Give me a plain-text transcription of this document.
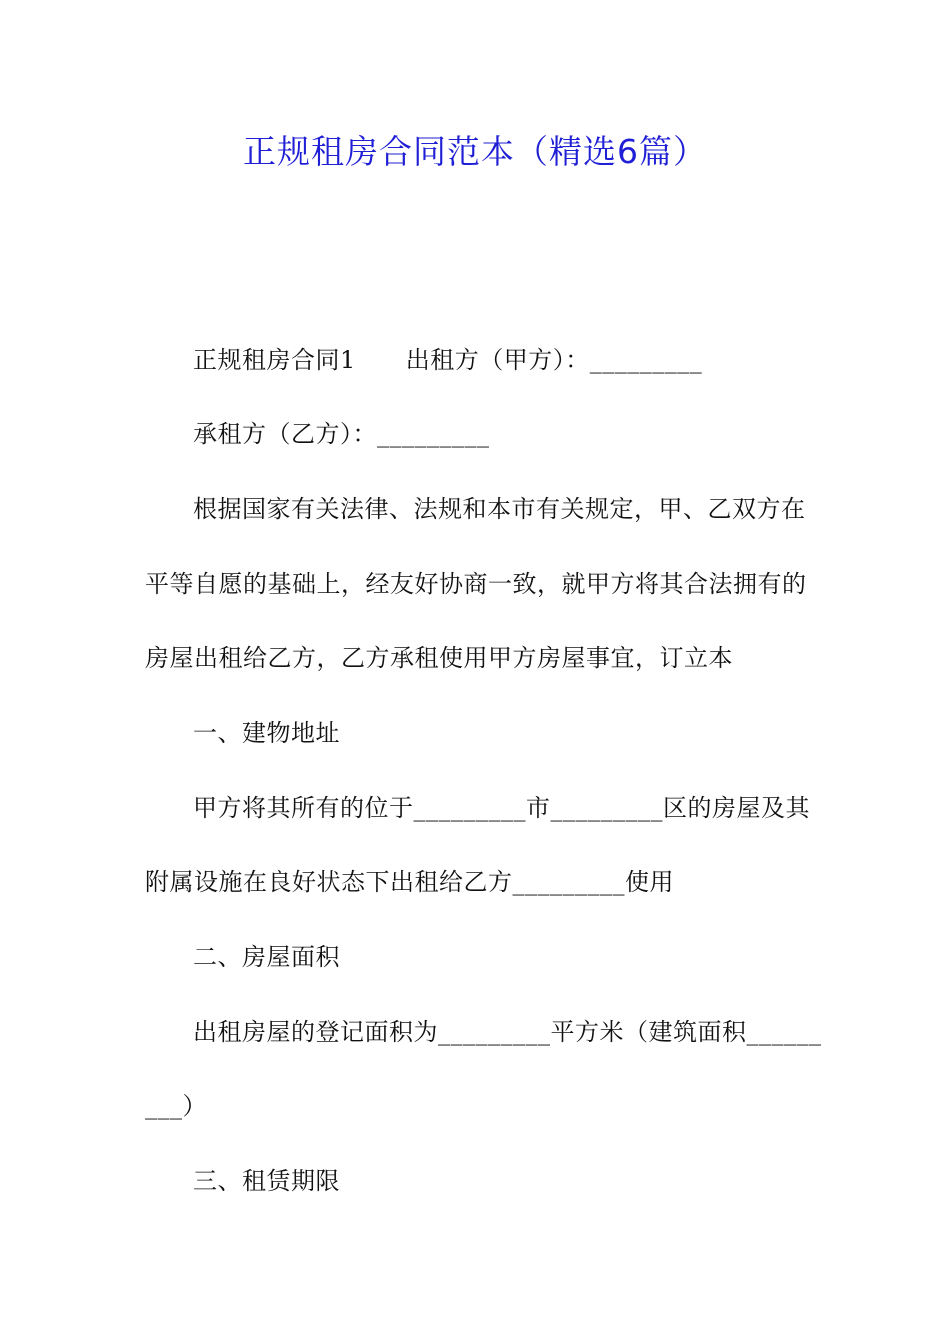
正规租房合同范本（精选6篇）
正规租房合同1 出租方（甲方）：_________
承租方（乙方）：_________
根据国家有关法律、法规和本市有关规定，甲、乙双方在
平等自愿的基础上，经友好协商一致，就甲方将其合法拥有的
房屋出租给乙方，乙方承租使用甲方房屋事宜，订立本
一、建物地址
甲方将其所有的位于_________市_________区的房屋及其
附属设施在良好状态下出租给乙方_________使用
二、房屋面积
出租房屋的登记面积为_________平方米（建筑面积______
___）
三、租赁期限
